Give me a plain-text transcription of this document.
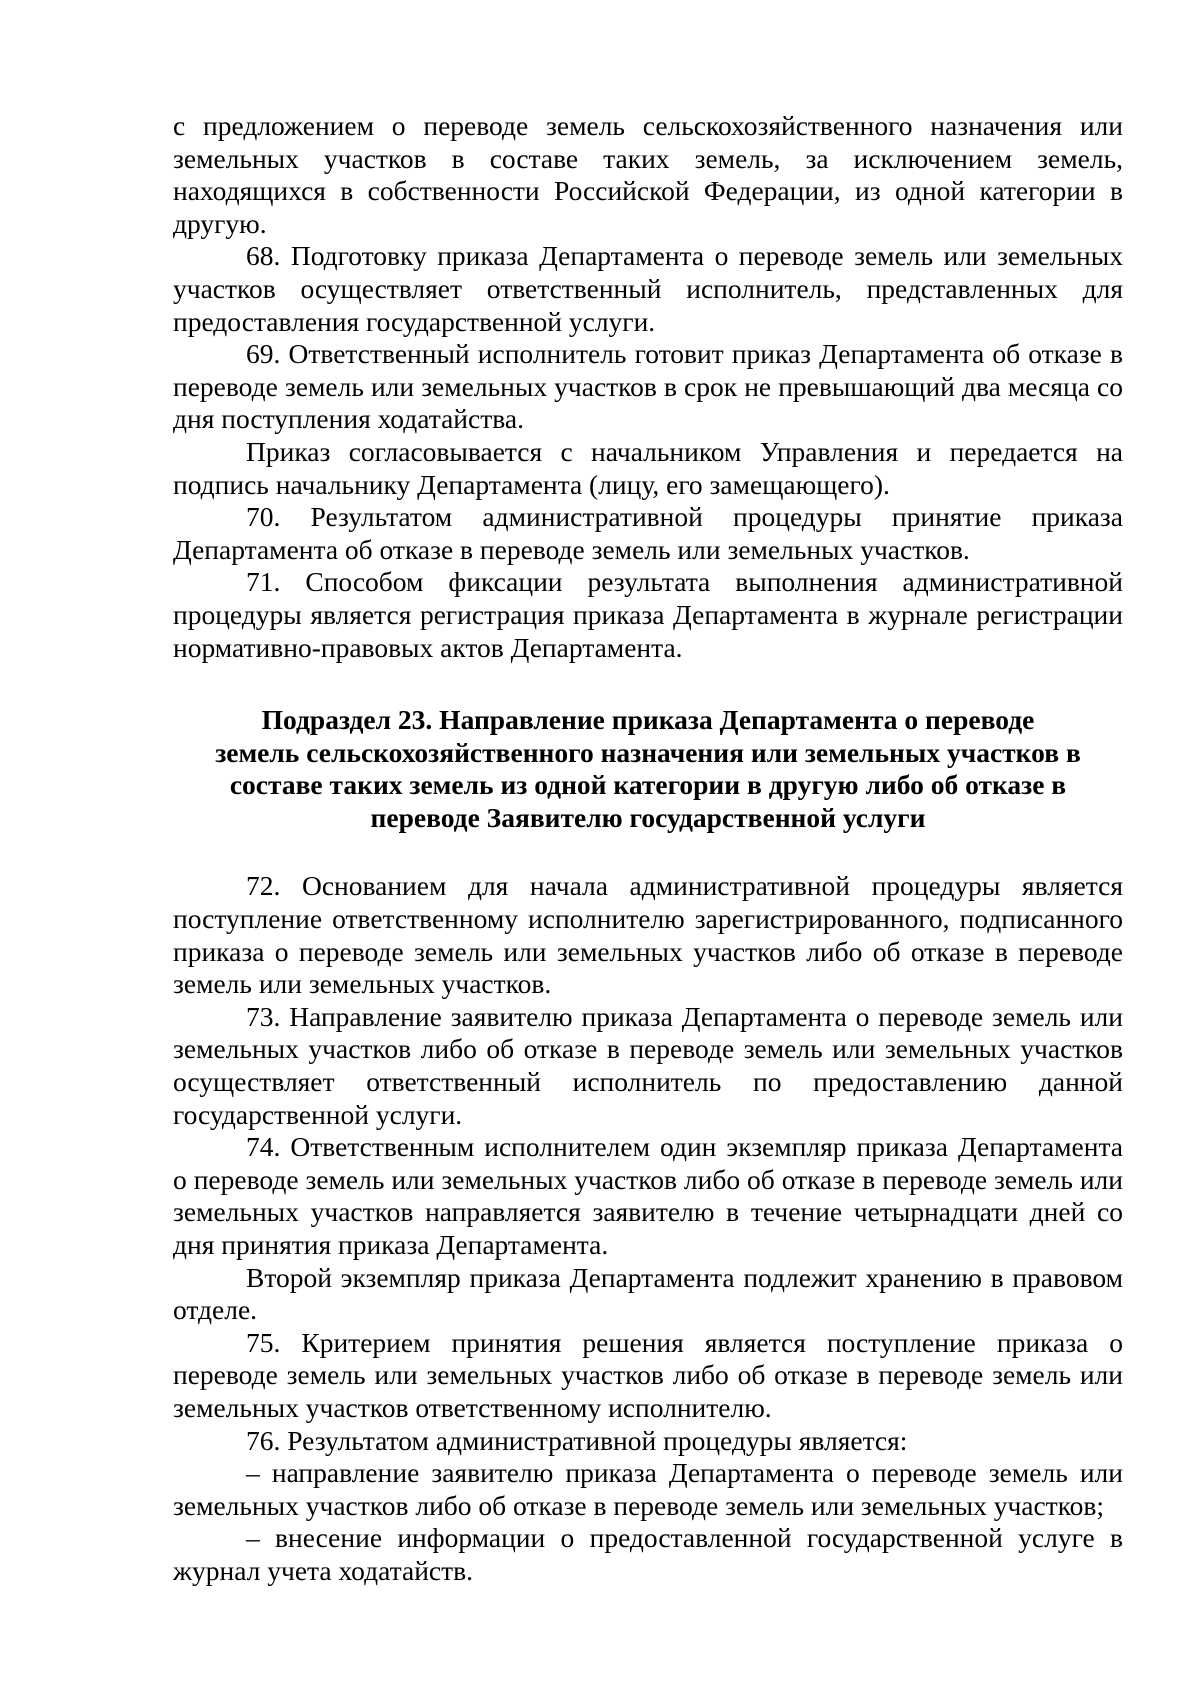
с предложением о переводе земель сельскохозяйственного назначения или земельных участков в составе таких земель, за исключением земель, находящихся в собственности Российской Федерации, из одной категории в другую.

68. Подготовку приказа Департамента о переводе земель или земельных участков осуществляет ответственный исполнитель, представленных для предоставления государственной услуги.

69. Ответственный исполнитель готовит приказ Департамента об отказе в переводе земель или земельных участков в срок не превышающий два месяца со дня поступления ходатайства.

Приказ согласовывается с начальником Управления и передается на подпись начальнику Департамента (лицу, его замещающего).

70. Результатом административной процедуры принятие приказа Департамента об отказе в переводе земель или земельных участков.

71. Способом фиксации результата выполнения административной процедуры является регистрация приказа Департамента в журнале регистрации нормативно-правовых актов Департамента.

Подраздел 23. Направление приказа Департамента о переводе
земель сельскохозяйственного назначения или земельных участков в
составе таких земель из одной категории в другую либо об отказе в
переводе Заявителю государственной услуги

72. Основанием для начала административной процедуры является поступление ответственному исполнителю зарегистрированного, подписанного приказа о переводе земель или земельных участков либо об отказе в переводе земель или земельных участков.

73. Направление заявителю приказа Департамента о переводе земель или земельных участков либо об отказе в переводе земель или земельных участков осуществляет ответственный исполнитель по предоставлению данной государственной услуги.

74. Ответственным исполнителем один экземпляр приказа Департамента о переводе земель или земельных участков либо об отказе в переводе земель или земельных участков направляется заявителю в течение четырнадцати дней со дня принятия приказа Департамента.

Второй экземпляр приказа Департамента подлежит хранению в правовом отделе.

75. Критерием принятия решения является поступление приказа о переводе земель или земельных участков либо об отказе в переводе земель или земельных участков ответственному исполнителю.

76. Результатом административной процедуры является:

– направление заявителю приказа Департамента о переводе земель или земельных участков либо об отказе в переводе земель или земельных участков;

– внесение информации о предоставленной государственной услуге в журнал учета ходатайств.
